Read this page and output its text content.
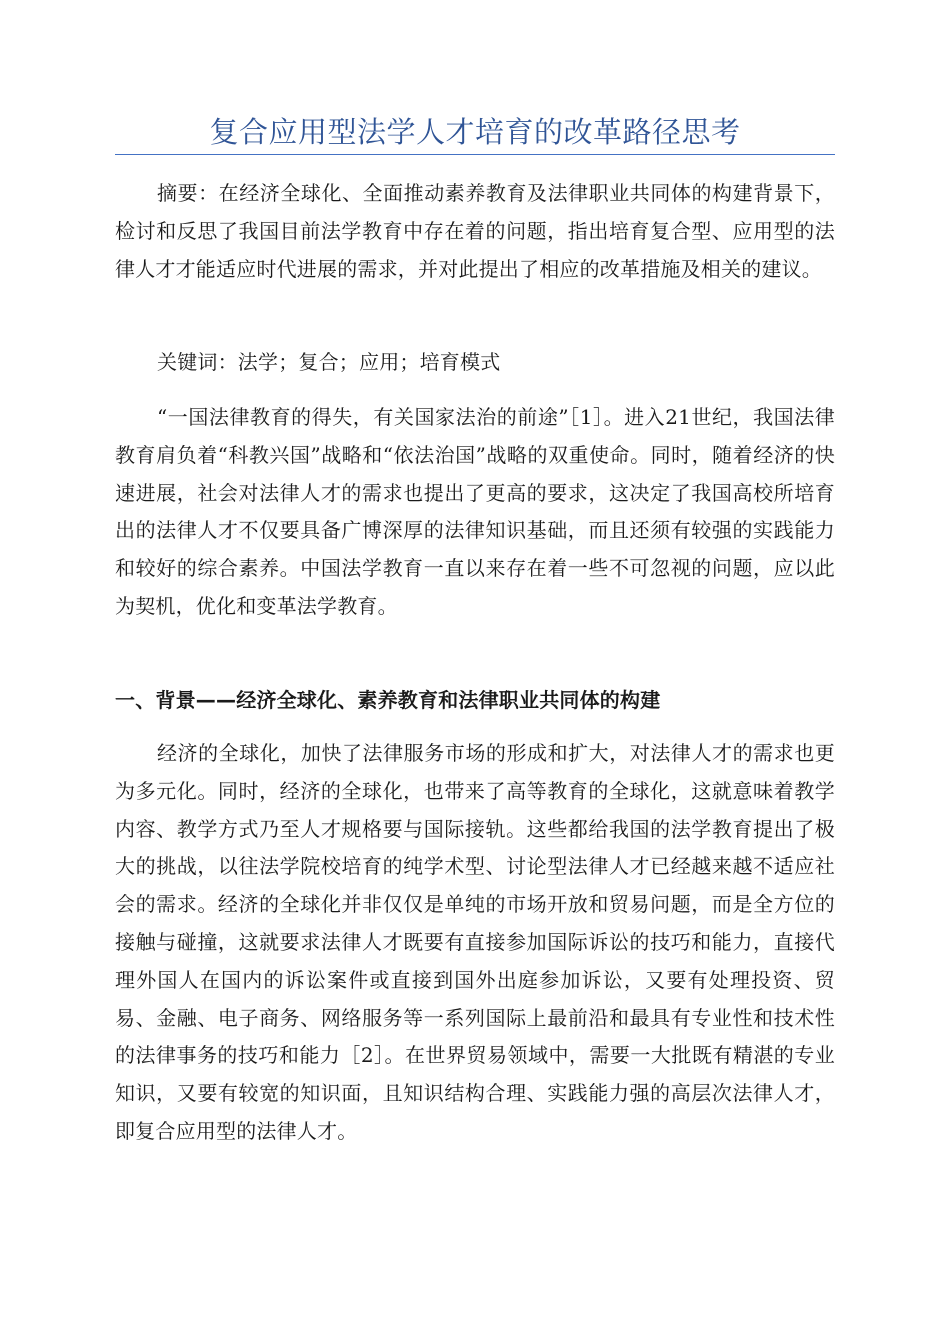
复合应用型法学人才培育的改革路径思考

摘要：在经济全球化、全面推动素养教育及法律职业共同体的构建背景下，检讨和反思了我国目前法学教育中存在着的问题，指出培育复合型、应用型的法律人才才能适应时代进展的需求，并对此提出了相应的改革措施及相关的建议。

关键词：法学；复合；应用；培育模式

“一国法律教育的得失，有关国家法治的前途”［1］。进入21世纪，我国法律教育肩负着“科教兴国”战略和“依法治国”战略的双重使命。同时，随着经济的快速进展，社会对法律人才的需求也提出了更高的要求，这决定了我国高校所培育出的法律人才不仅要具备广博深厚的法律知识基础，而且还须有较强的实践能力和较好的综合素养。中国法学教育一直以来存在着一些不可忽视的问题，应以此为契机，优化和变革法学教育。

一、背景——经济全球化、素养教育和法律职业共同体的构建

经济的全球化，加快了法律服务市场的形成和扩大，对法律人才的需求也更为多元化。同时，经济的全球化，也带来了高等教育的全球化，这就意味着教学内容、教学方式乃至人才规格要与国际接轨。这些都给我国的法学教育提出了极大的挑战，以往法学院校培育的纯学术型、讨论型法律人才已经越来越不适应社会的需求。经济的全球化并非仅仅是单纯的市场开放和贸易问题，而是全方位的接触与碰撞，这就要求法律人才既要有直接参加国际诉讼的技巧和能力，直接代理外国人在国内的诉讼案件或直接到国外出庭参加诉讼，又要有处理投资、贸易、金融、电子商务、网络服务等一系列国际上最前沿和最具有专业性和技术性的法律事务的技巧和能力［2］。在世界贸易领域中，需要一大批既有精湛的专业知识，又要有较宽的知识面，且知识结构合理、实践能力强的高层次法律人才，即复合应用型的法律人才。
